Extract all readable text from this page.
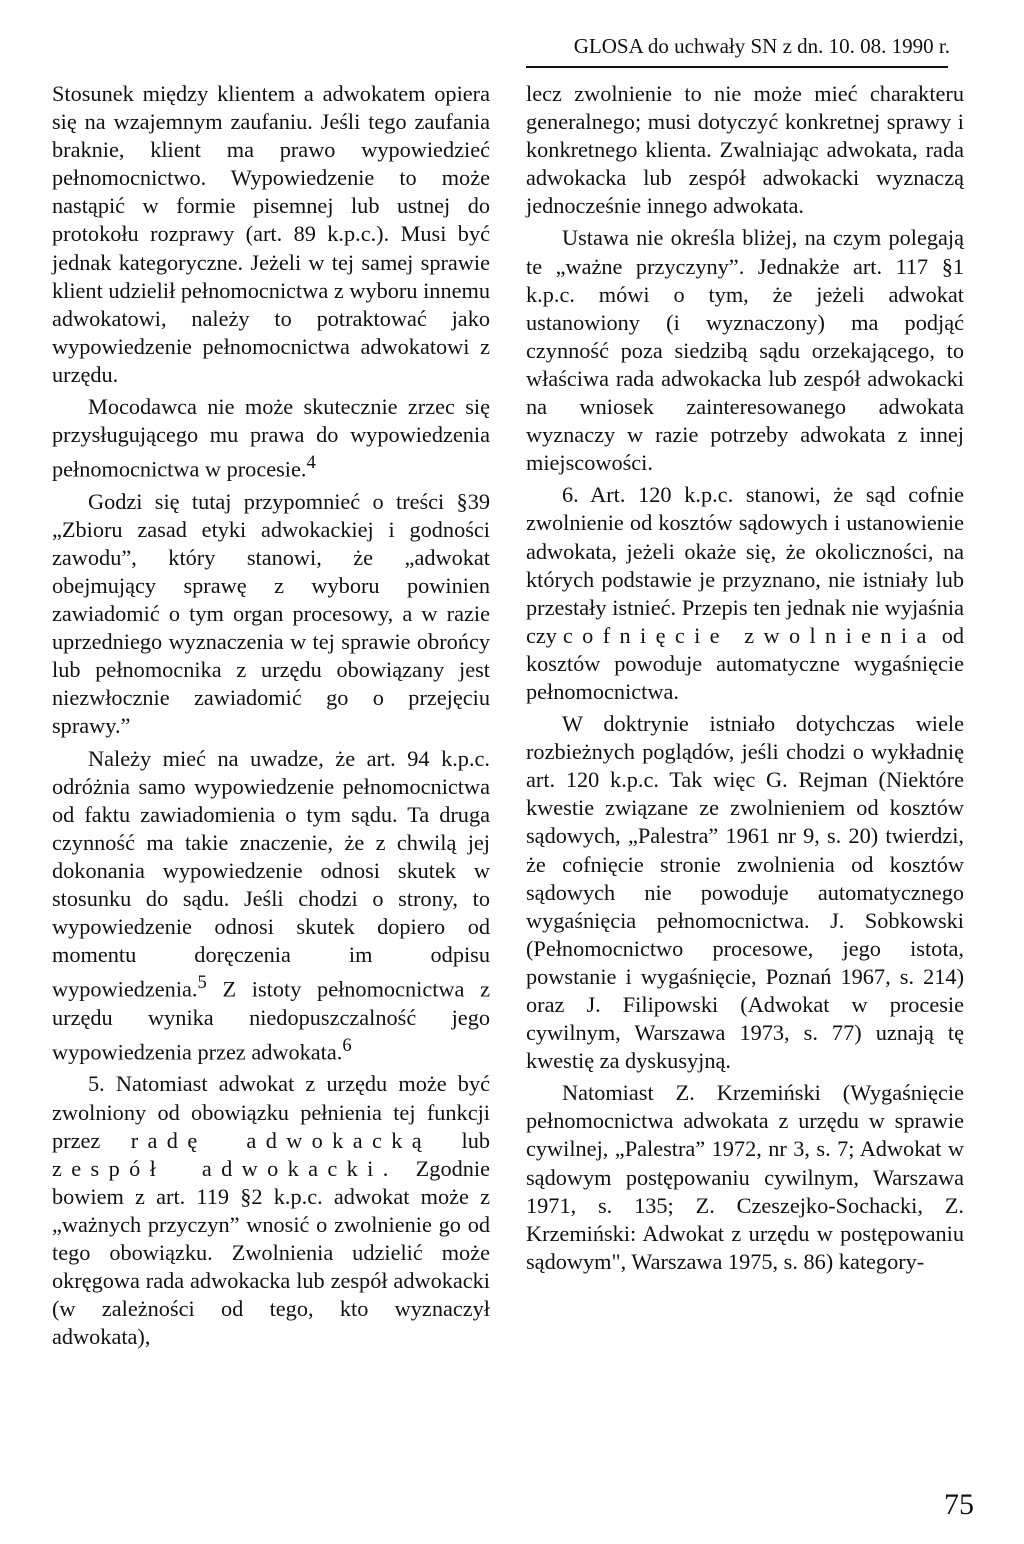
GLOSA do uchwały SN z dn. 10. 08. 1990 r.

Stosunek między klientem a adwokatem opiera się na wzajemnym zaufaniu. Jeśli tego zaufania braknie, klient ma prawo wypowiedzieć pełnomocnictwo. Wypowiedzenie to może nastąpić w formie pisemnej lub ustnej do protokołu rozprawy (art. 89 k.p.c.). Musi być jednak kategoryczne. Jeżeli w tej samej sprawie klient udzielił pełnomocnictwa z wyboru innemu adwokatowi, należy to potraktować jako wypowiedzenie pełnomocnictwa adwokatowi z urzędu.

Mocodawca nie może skutecznie zrzec się przysługującego mu prawa do wypowiedzenia pełnomocnictwa w procesie.$^4$

Godzi się tutaj przypomnieć o treści §39 „Zbioru zasad etyki adwokackiej i godności zawodu”, który stanowi, że „adwokat obejmujący sprawę z wyboru powinien zawiadomić o tym organ procesowy, a w razie uprzedniego wyznaczenia w tej sprawie obrońcy lub pełnomocnika z urzędu obowiązany jest niezwłocznie zawiadomić go o przejęciu sprawy.”

Należy mieć na uwadze, że art. 94 k.p.c. odróżnia samo wypowiedzenie pełnomocnictwa od faktu zawiadomienia o tym sądu. Ta druga czynność ma takie znaczenie, że z chwilą jej dokonania wypowiedzenie odnosi skutek w stosunku do sądu. Jeśli chodzi o strony, to wypowiedzenie odnosi skutek dopiero od momentu doręczenia im odpisu wypowiedzenia.$^5$ Z istoty pełnomocnictwa z urzędu wynika niedopuszczalność jego wypowiedzenia przez adwokata.$^6$

5. Natomiast adwokat z urzędu może być zwolniony od obowiązku pełnienia tej funkcji przez radę adwokacką lub zespół adwokacki. Zgodnie bowiem z art. 119 §2 k.p.c. adwokat może z „ważnych przyczyn” wnosić o zwolnienie go od tego obowiązku. Zwolnienia udzielić może okręgowa rada adwokacka lub zespół adwokacki (w zależności od tego, kto wyznaczył adwokata),

lecz zwolnienie to nie może mieć charakteru generalnego; musi dotyczyć konkretnej sprawy i konkretnego klienta. Zwalniając adwokata, rada adwokacka lub zespół adwokacki wyznaczą jednocześnie innego adwokata.

Ustawa nie określa bliżej, na czym polegają te „ważne przyczyny”. Jednakże art. 117 §1 k.p.c. mówi o tym, że jeżeli adwokat ustanowiony (i wyznaczony) ma podjąć czynność poza siedzibą sądu orzekającego, to właściwa rada adwokacka lub zespół adwokacki na wniosek zainteresowanego adwokata wyznaczy w razie potrzeby adwokata z innej miejscowości.

6. Art. 120 k.p.c. stanowi, że sąd cofnie zwolnienie od kosztów sądowych i ustanowienie adwokata, jeżeli okaże się, że okoliczności, na których podstawie je przyznano, nie istniały lub przestały istnieć. Przepis ten jednak nie wyjaśnia czy cofnięcie zwolnienia od kosztów powoduje automatyczne wygaśnięcie pełnomocnictwa.

W doktrynie istniało dotychczas wiele rozbieżnych poglądów, jeśli chodzi o wykładnię art. 120 k.p.c. Tak więc G. Rejman (Niektóre kwestie związane ze zwolnieniem od kosztów sądowych, „Palestra” 1961 nr 9, s. 20) twierdzi, że cofnięcie stronie zwolnienia od kosztów sądowych nie powoduje automatycznego wygaśnięcia pełnomocnictwa. J. Sobkowski (Pełnomocnictwo procesowe, jego istota, powstanie i wygaśnięcie, Poznań 1967, s. 214) oraz J. Filipowski (Adwokat w procesie cywilnym, Warszawa 1973, s. 77) uznają tę kwestię za dyskusyjną.

Natomiast Z. Krzemiński (Wygaśnięcie pełnomocnictwa adwokata z urzędu w sprawie cywilnej, „Palestra” 1972, nr 3, s. 7; Adwokat w sądowym postępowaniu cywilnym, Warszawa 1971, s. 135; Z. Czeszejko-Sochacki, Z. Krzemiński: Adwokat z urzędu w postępowaniu sądowym", Warszawa 1975, s. 86) kategory-

75
